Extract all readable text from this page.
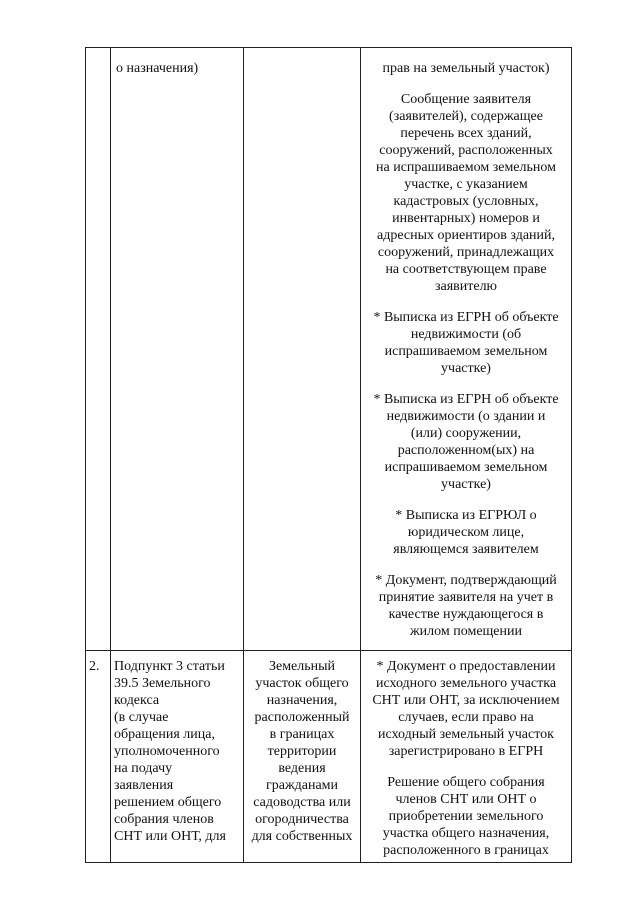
о назначения)	прав на земельный участок)
Сообщение заявителя
(заявителей), содержащее
перечень всех зданий,
сооружений, расположенных
на испрашиваемом земельном
участке, с указанием
кадастровых (условных,
инвентарных) номеров и
адресных ориентиров зданий,
сооружений, принадлежащих
на соответствующем праве
заявителю
* Выписка из ЕГРН об объекте
недвижимости (об
испрашиваемом земельном
участке)
* Выписка из ЕГРН об объекте
недвижимости (о здании и
(или) сооружении,
расположенном(ых) на
испрашиваемом земельном
участке)
* Выписка из ЕГРЮЛ о
юридическом лице,
являющемся заявителем
* Документ, подтверждающий
принятие заявителя на учет в
качестве нуждающегося в
жилом помещении
2. Подпункт 3 статьи
39.5 Земельного
кодекса
(в случае
обращения лица,
уполномоченного
на подачу
заявления
решением общего
собрания членов
СНТ или ОНТ, для
Земельный
участок общего
назначения,
расположенный
в границах
территории
ведения
гражданами
садоводства или
огородничества
для собственных
* Документ о предоставлении
исходного земельного участка
СНТ или ОНТ, за исключением
случаев, если право на
исходный земельный участок
зарегистрировано в ЕГРН
Решение общего собрания
членов СНТ или ОНТ о
приобретении земельного
участка общего назначения,
расположенного в границах
